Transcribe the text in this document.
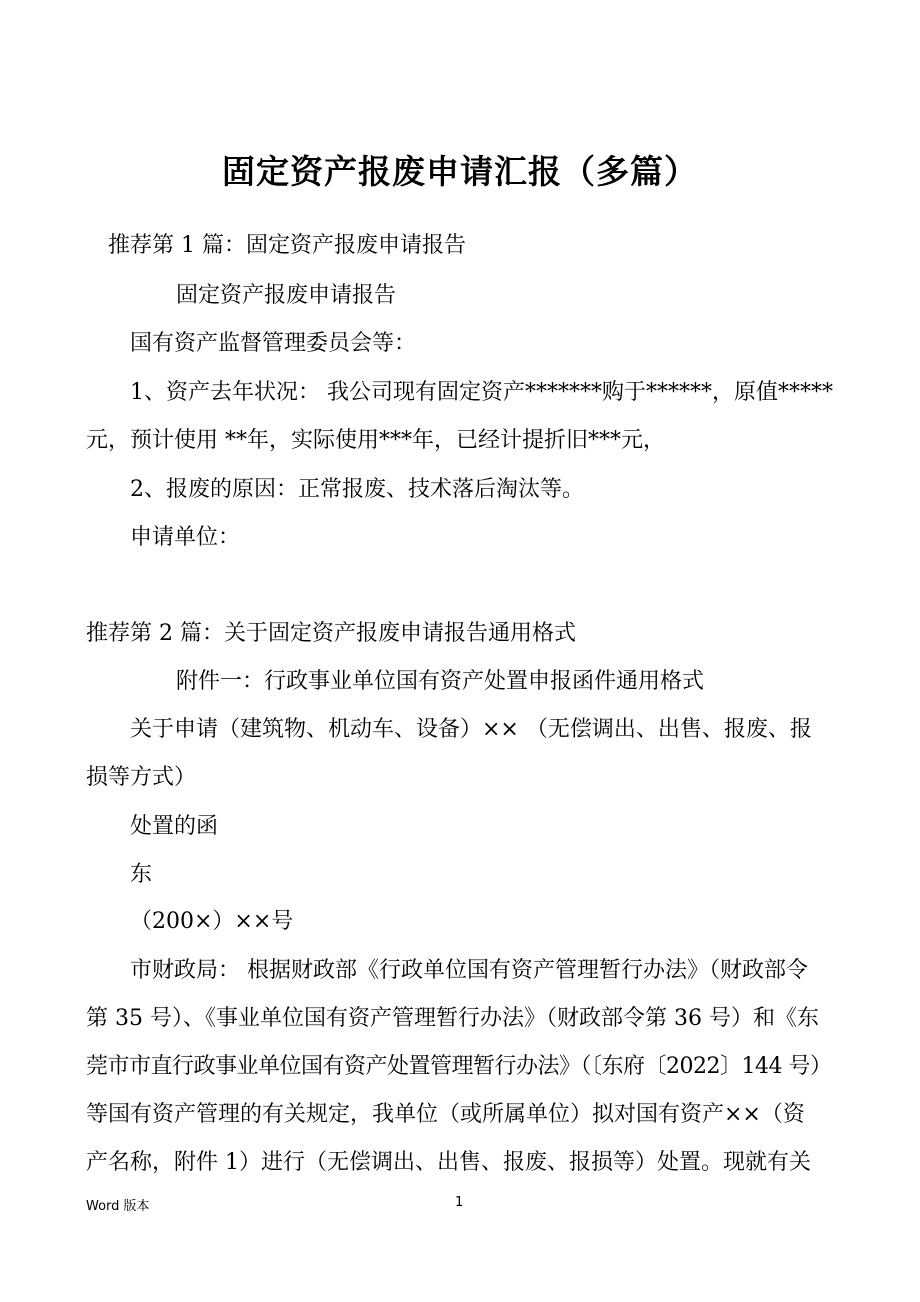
固定资产报废申请汇报（多篇）
推荐第 1 篇：固定资产报废申请报告
固定资产报废申请报告
国有资产监督管理委员会等：
1、资产去年状况： 我公司现有固定资产*******购于******，原值*****
元，预计使用 **年，实际使用***年，已经计提折旧***元，
2、报废的原因：正常报废、技术落后淘汰等。
申请单位：
推荐第 2 篇：关于固定资产报废申请报告通用格式
附件一：行政事业单位国有资产处置申报函件通用格式
关于申请（建筑物、机动车、设备）×× （无偿调出、出售、报废、报
损等方式）
处置的函
东
（200×）××号
市财政局： 根据财政部《行政单位国有资产管理暂行办法》（财政部令
第 35 号）、《事业单位国有资产管理暂行办法》（财政部令第 36 号）和《东
莞市市直行政事业单位国有资产处置管理暂行办法》（〔东府〔2022〕144 号）
等国有资产管理的有关规定，我单位（或所属单位）拟对国有资产××（资
产名称，附件 1）进行（无偿调出、出售、报废、报损等）处置。现就有关
Word 版本	1
